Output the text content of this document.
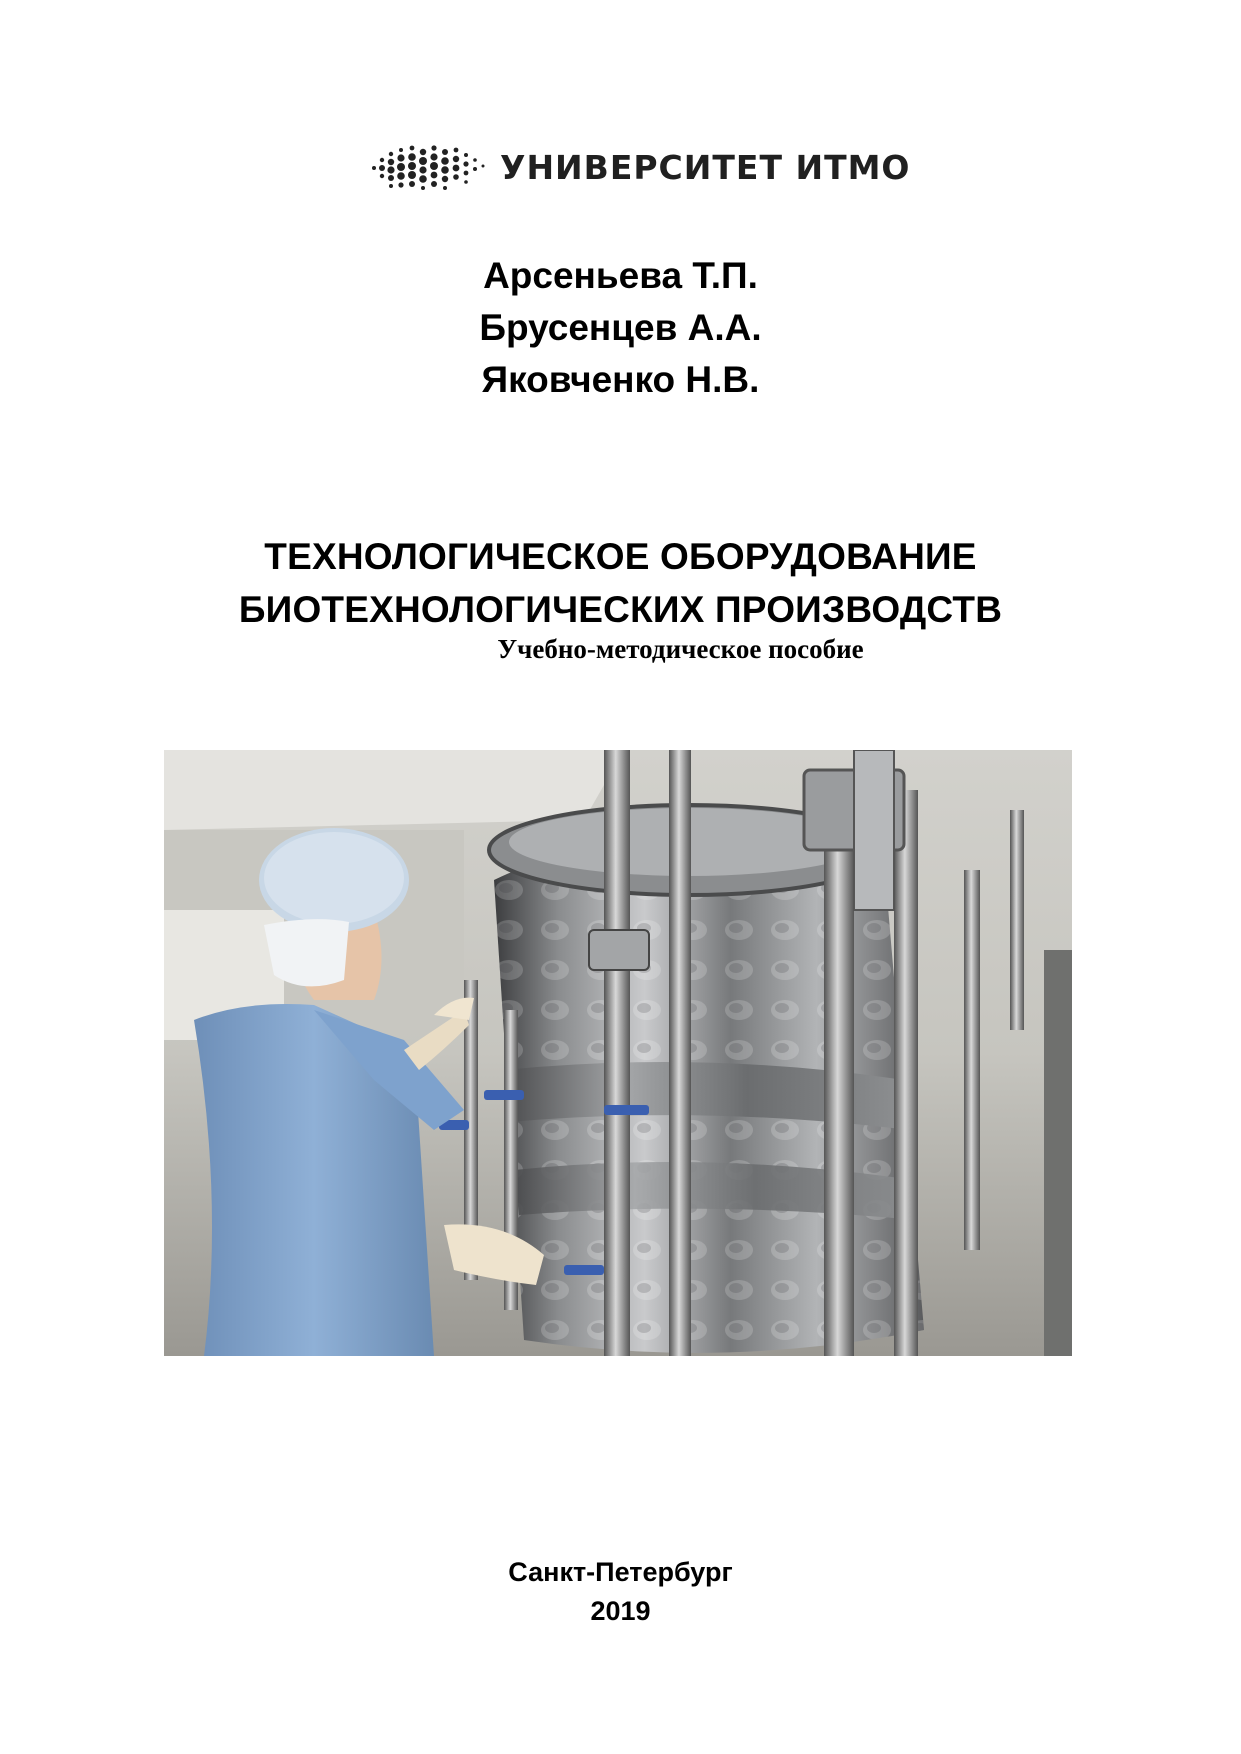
УНИВЕРСИТЕТ ИТМО
Арсеньева Т.П.
Брусенцев А.А.
Яковченко Н.В.
ТЕХНОЛОГИЧЕСКОЕ ОБОРУДОВАНИЕ
БИОТЕХНОЛОГИЧЕСКИХ ПРОИЗВОДСТВ
Учебно-методическое пособие
Санкт-Петербург
2019
